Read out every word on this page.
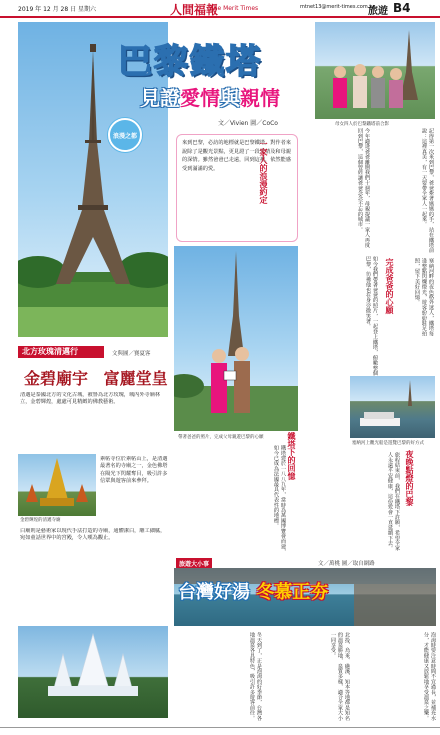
2019 年 12 月 28 日 星期六	人間福報
The Merit Times	mtnet13@merit-times.com.tw
旅遊 B4
巴黎鐵塔
見證愛情與親情
文／Vivien 圖／CoCo
浪漫之都
母女四人於巴黎鐵塔前合影
來到巴黎，必訪的地標就是巴黎鐵塔，對作者來說除了是觀光景點，更見證了一段愛情及和母親的深情。雖然爸爸已走遠，回到這裡，依然能感受到滿滿的愛。
帶著爸爸的照片，完成父母親遊巴黎的心願
一家人的浪漫約定	今年適逢爸爸離開我們十週年，母親提議一家人再度回到巴黎，這個曾經讓爸爸念念不忘的城市。	記得第一次來到巴黎，爸爸牽著媽媽的手，站在鐵塔前說：這裡真美，有一天要帶全家人一起來。
完成爸爸的心願
如今我們帶著爸爸的照片，一起登上鐵塔，俯瞰整個巴黎，彷彿他也在身旁微笑著。	塞納河畔的夜色格外迷人，鐵塔每逢整點閃爍燈光，遊客紛紛駐足拍照，留下美好回憶。
塞納河上觀光船是遊覽巴黎的好方式
鐵塔下的回憶
鐵塔建於一八八九年，當時為萬國博覽會而建，如今已成為法國最具代表性的地標。	夜晚點燈的巴黎
旅程結束前，我們在鐵塔下許願，希望全家人永遠平安健康，這份愛會一直延續下去。
北方玫瑰清邁行	文與圖／賽夏客
金碧廟宇 富麗堂皇
清邁是泰國北方的文化古城，被譽為北方玫瑰，城內外寺廟林立，金碧輝煌，處處可見精緻的佛教藝術。
金碧輝煌的清邁寺廟
素帖寺位於素帖山上，是清邁最著名的寺廟之一，金色佛塔在陽光下閃耀奪目，吸引許多信眾與遊客前來參拜。
白廟則是藝術家以現代手法打造的寺廟，通體潔白，雕工細膩，宛如童話世界中的宮殿，令人嘆為觀止。
白廟是清萊最受歡迎的景點之一
旅遊大小事	文／萬桃 圖／取自網路
台灣好湯 冬慕正夯
冬天到了，正是泡湯的好季節，台灣各地溫泉各具特色，吸引許多遊客前往。	北投、烏來、礁溪、知本等地都是知名的溫泉勝地，泉質多樣，適合全家大小一同享受。	泡湯時要注意時間不宜過長，並補充水分，才能健康又放鬆地享受溫泉之樂。
